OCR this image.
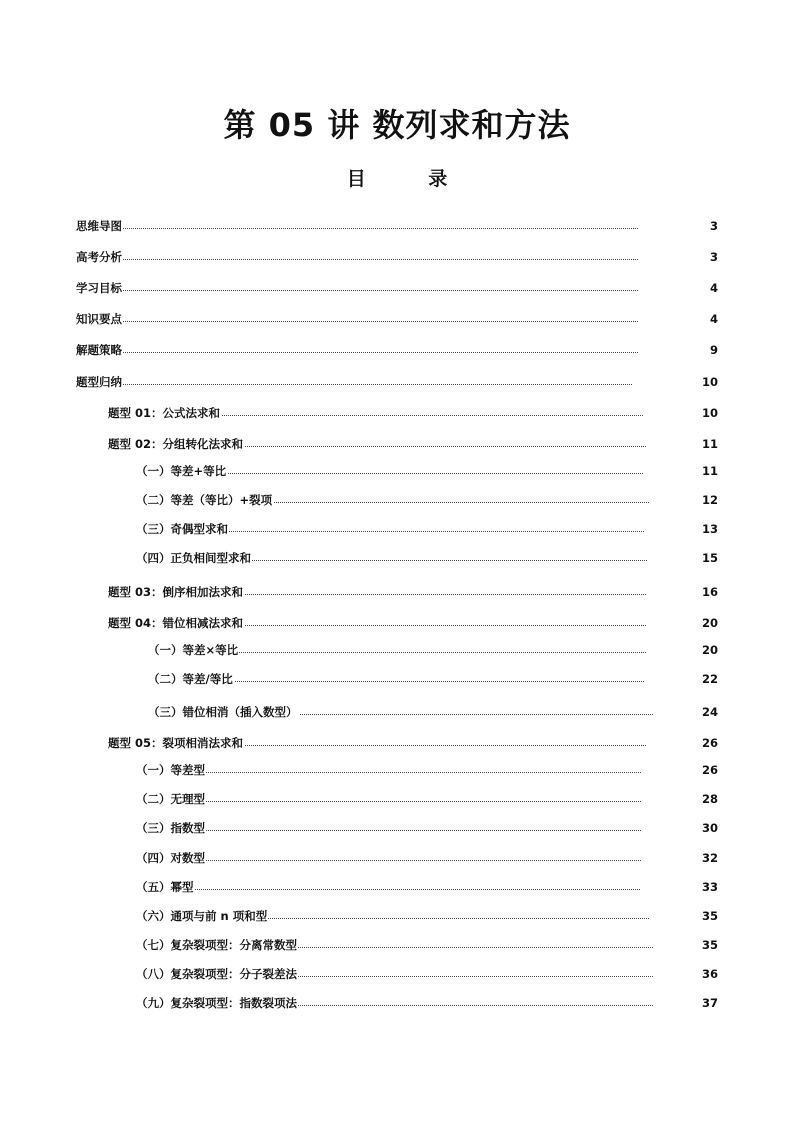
第 05 讲 数列求和方法
目 录
思维导图	3
高考分析	3
学习目标	4
知识要点	4
解题策略	9
题型归纳	10
题型 01：公式法求和	10
题型 02：分组转化法求和	11
（一）等差+等比	11
（二）等差（等比）+裂项	12
（三）奇偶型求和	13
（四）正负相间型求和	15
题型 03：倒序相加法求和	16
题型 04：错位相减法求和	20
（一）等差×等比	20
（二）等差/等比	22
（三）错位相消（插入数型）	24
题型 05：裂项相消法求和	26
（一）等差型	26
（二）无理型	28
（三）指数型	30
（四）对数型	32
（五）幂型	33
（六）通项与前 n 项和型	35
（七）复杂裂项型：分离常数型	35
（八）复杂裂项型：分子裂差法	36
（九）复杂裂项型：指数裂项法	37
